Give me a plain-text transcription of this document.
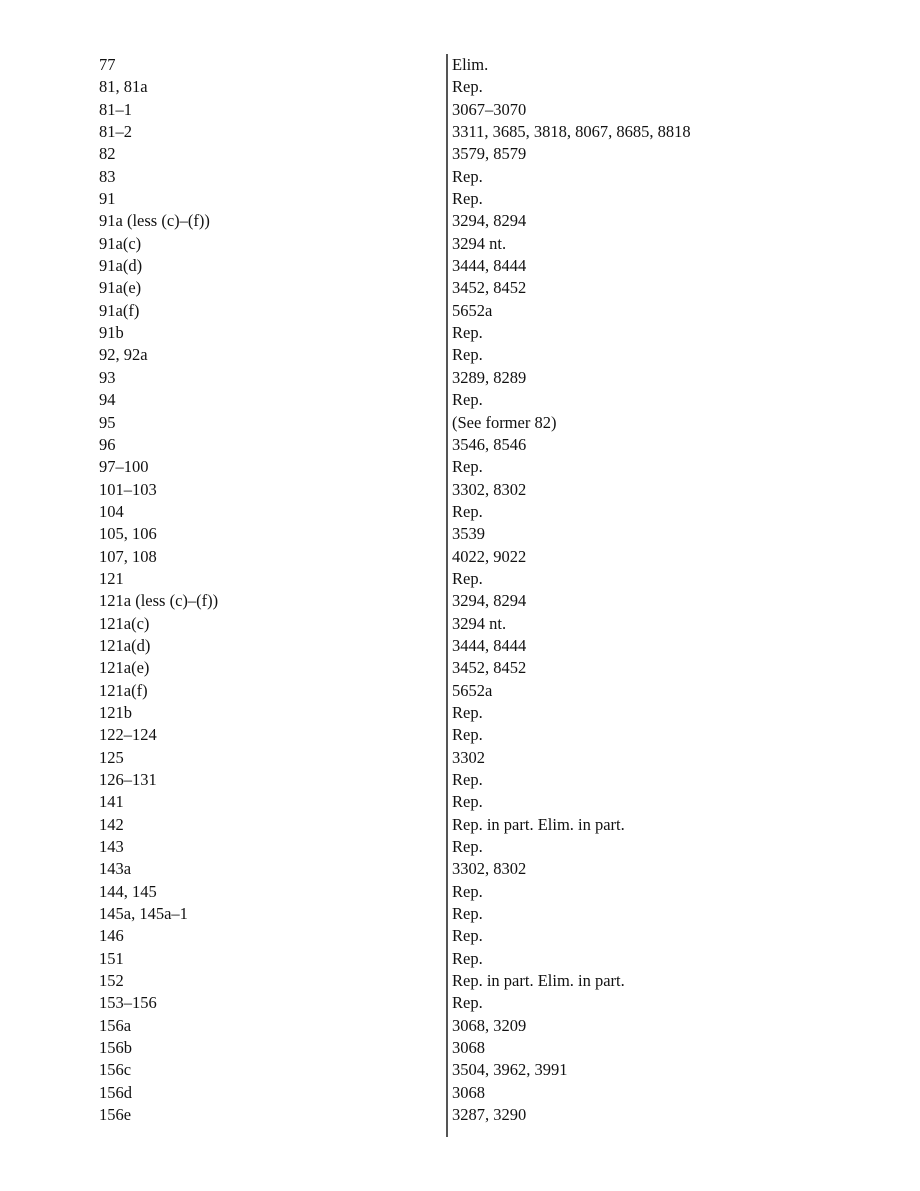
77	Elim.
81, 81a	Rep.
81–1	3067–3070
81–2	3311, 3685, 3818, 8067, 8685, 8818
82	3579, 8579
83	Rep.
91	Rep.
91a (less (c)–(f))	3294, 8294
91a(c)	3294 nt.
91a(d)	3444, 8444
91a(e)	3452, 8452
91a(f)	5652a
91b	Rep.
92, 92a	Rep.
93	3289, 8289
94	Rep.
95	(See former 82)
96	3546, 8546
97–100	Rep.
101–103	3302, 8302
104	Rep.
105, 106	3539
107, 108	4022, 9022
121	Rep.
121a (less (c)–(f))	3294, 8294
121a(c)	3294 nt.
121a(d)	3444, 8444
121a(e)	3452, 8452
121a(f)	5652a
121b	Rep.
122–124	Rep.
125	3302
126–131	Rep.
141	Rep.
142	Rep. in part. Elim. in part.
143	Rep.
143a	3302, 8302
144, 145	Rep.
145a, 145a–1	Rep.
146	Rep.
151	Rep.
152	Rep. in part. Elim. in part.
153–156	Rep.
156a	3068, 3209
156b	3068
156c	3504, 3962, 3991
156d	3068
156e	3287, 3290
